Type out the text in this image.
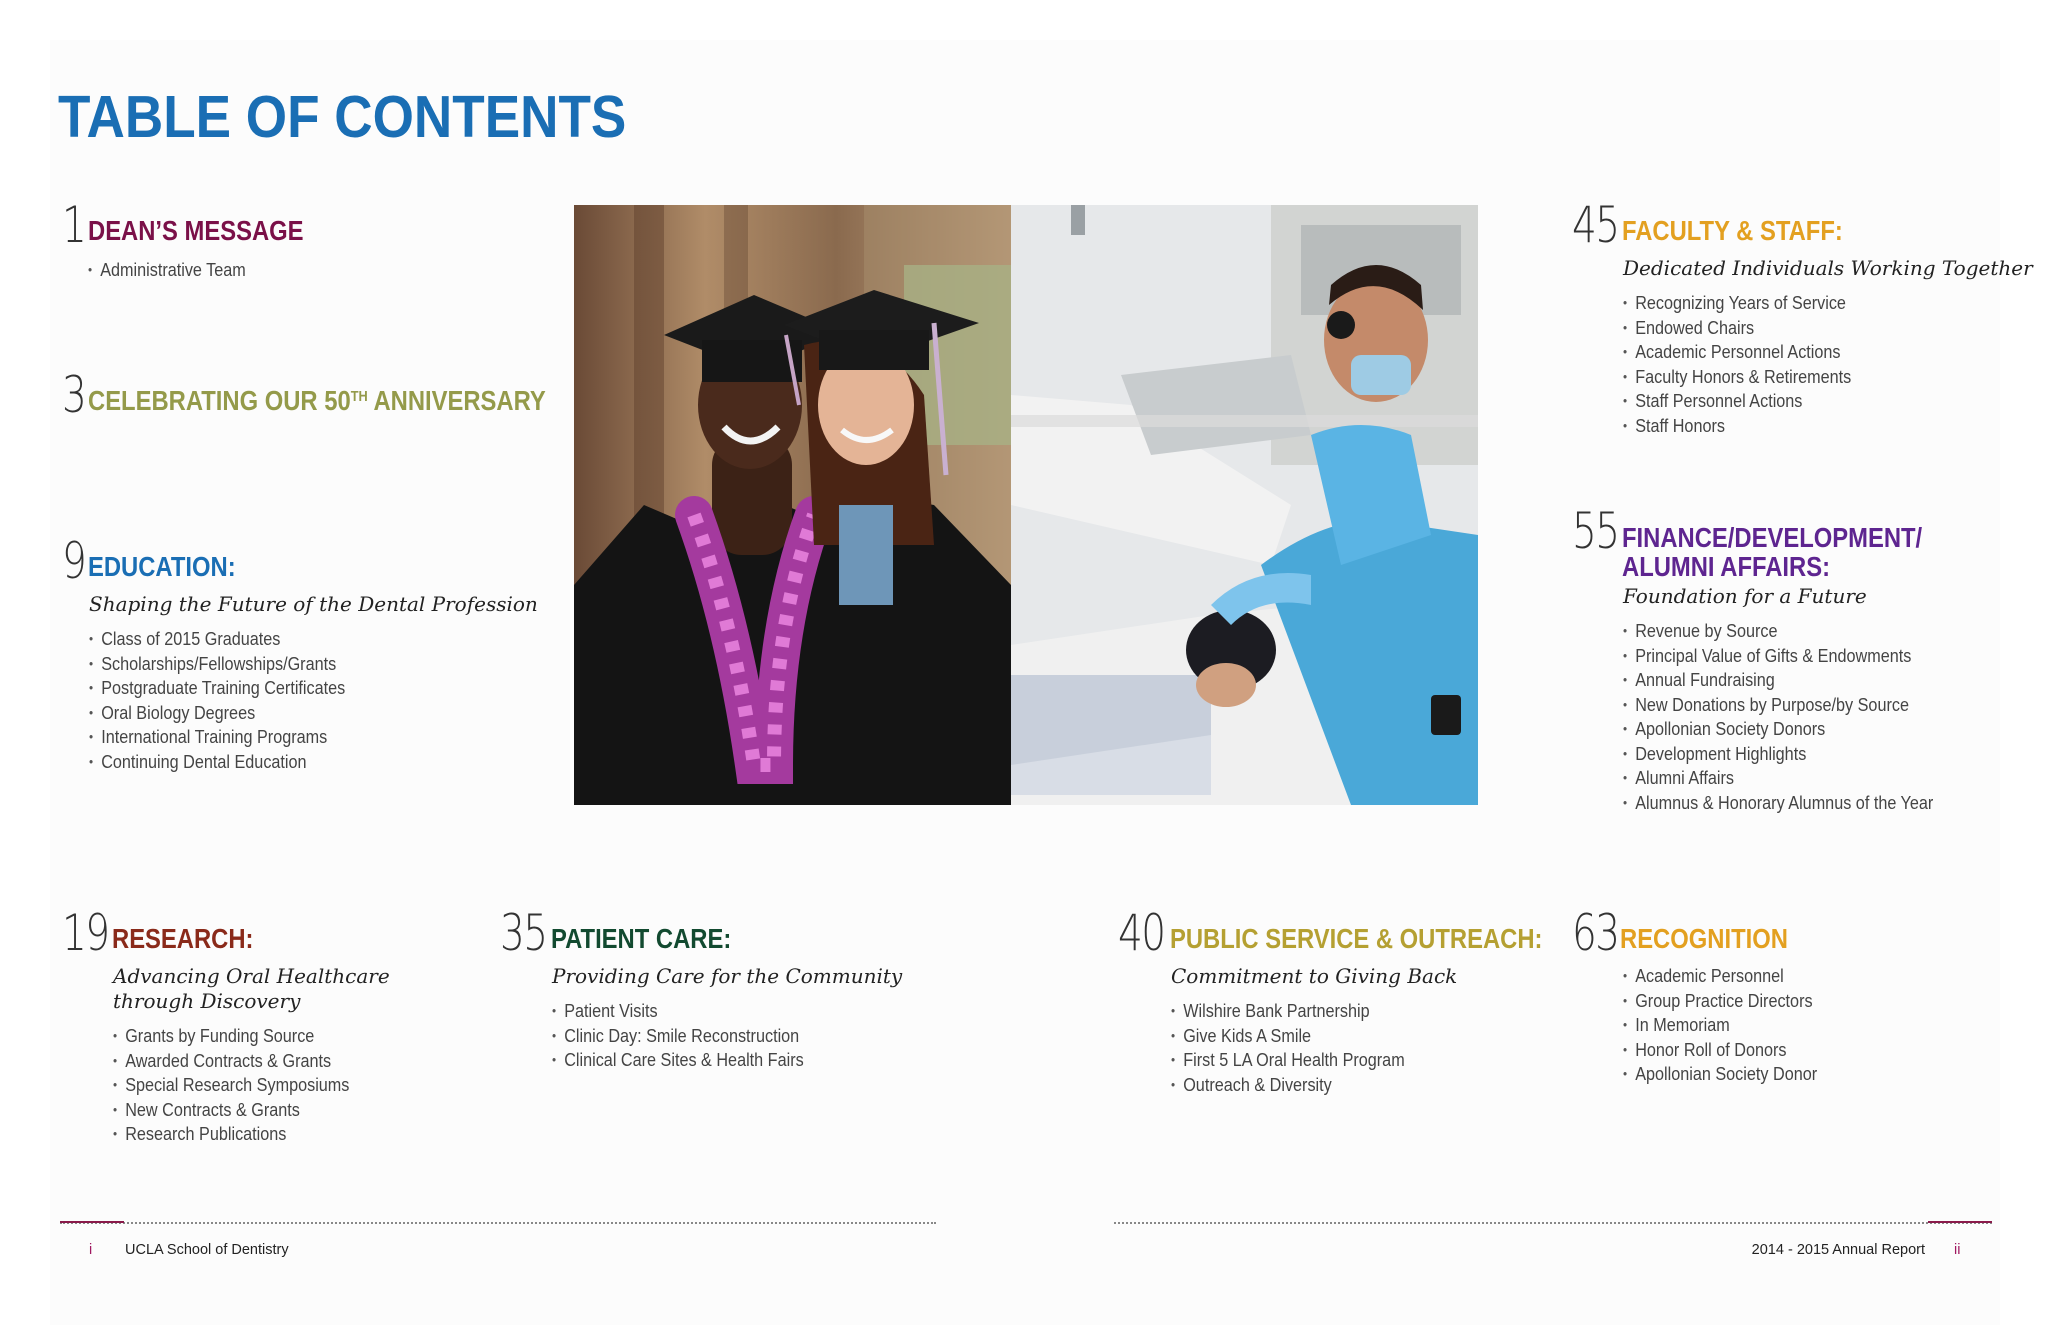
TABLE OF CONTENTS
1 DEAN’S MESSAGE
• Administrative Team
3 CELEBRATING OUR 50TH ANNIVERSARY
9 EDUCATION:
Shaping the Future of the Dental Profession
• Class of 2015 Graduates
• Scholarships/Fellowships/Grants
• Postgraduate Training Certificates
• Oral Biology Degrees
• International Training Programs
• Continuing Dental Education
19 RESEARCH:
Advancing Oral Healthcare
through Discovery
• Grants by Funding Source
• Awarded Contracts & Grants
• Special Research Symposiums
• New Contracts & Grants
• Research Publications
35 PATIENT CARE:
Providing Care for the Community
• Patient Visits
• Clinic Day: Smile Reconstruction
• Clinical Care Sites & Health Fairs
40 PUBLIC SERVICE & OUTREACH:
Commitment to Giving Back
• Wilshire Bank Partnership
• Give Kids A Smile
• First 5 LA Oral Health Program
• Outreach & Diversity
45 FACULTY & STAFF:
Dedicated Individuals Working Together
• Recognizing Years of Service
• Endowed Chairs
• Academic Personnel Actions
• Faculty Honors & Retirements
• Staff Personnel Actions
• Staff Honors
55 FINANCE/DEVELOPMENT/
ALUMNI AFFAIRS:
Foundation for a Future
• Revenue by Source
• Principal Value of Gifts & Endowments
• Annual Fundraising
• New Donations by Purpose/by Source
• Apollonian Society Donors
• Development Highlights
• Alumni Affairs
• Alumnus & Honorary Alumnus of the Year
63 RECOGNITION
• Academic Personnel
• Group Practice Directors
• In Memoriam
• Honor Roll of Donors
• Apollonian Society Donor
i UCLA School of Dentistry	2014 - 2015 Annual Report ii
